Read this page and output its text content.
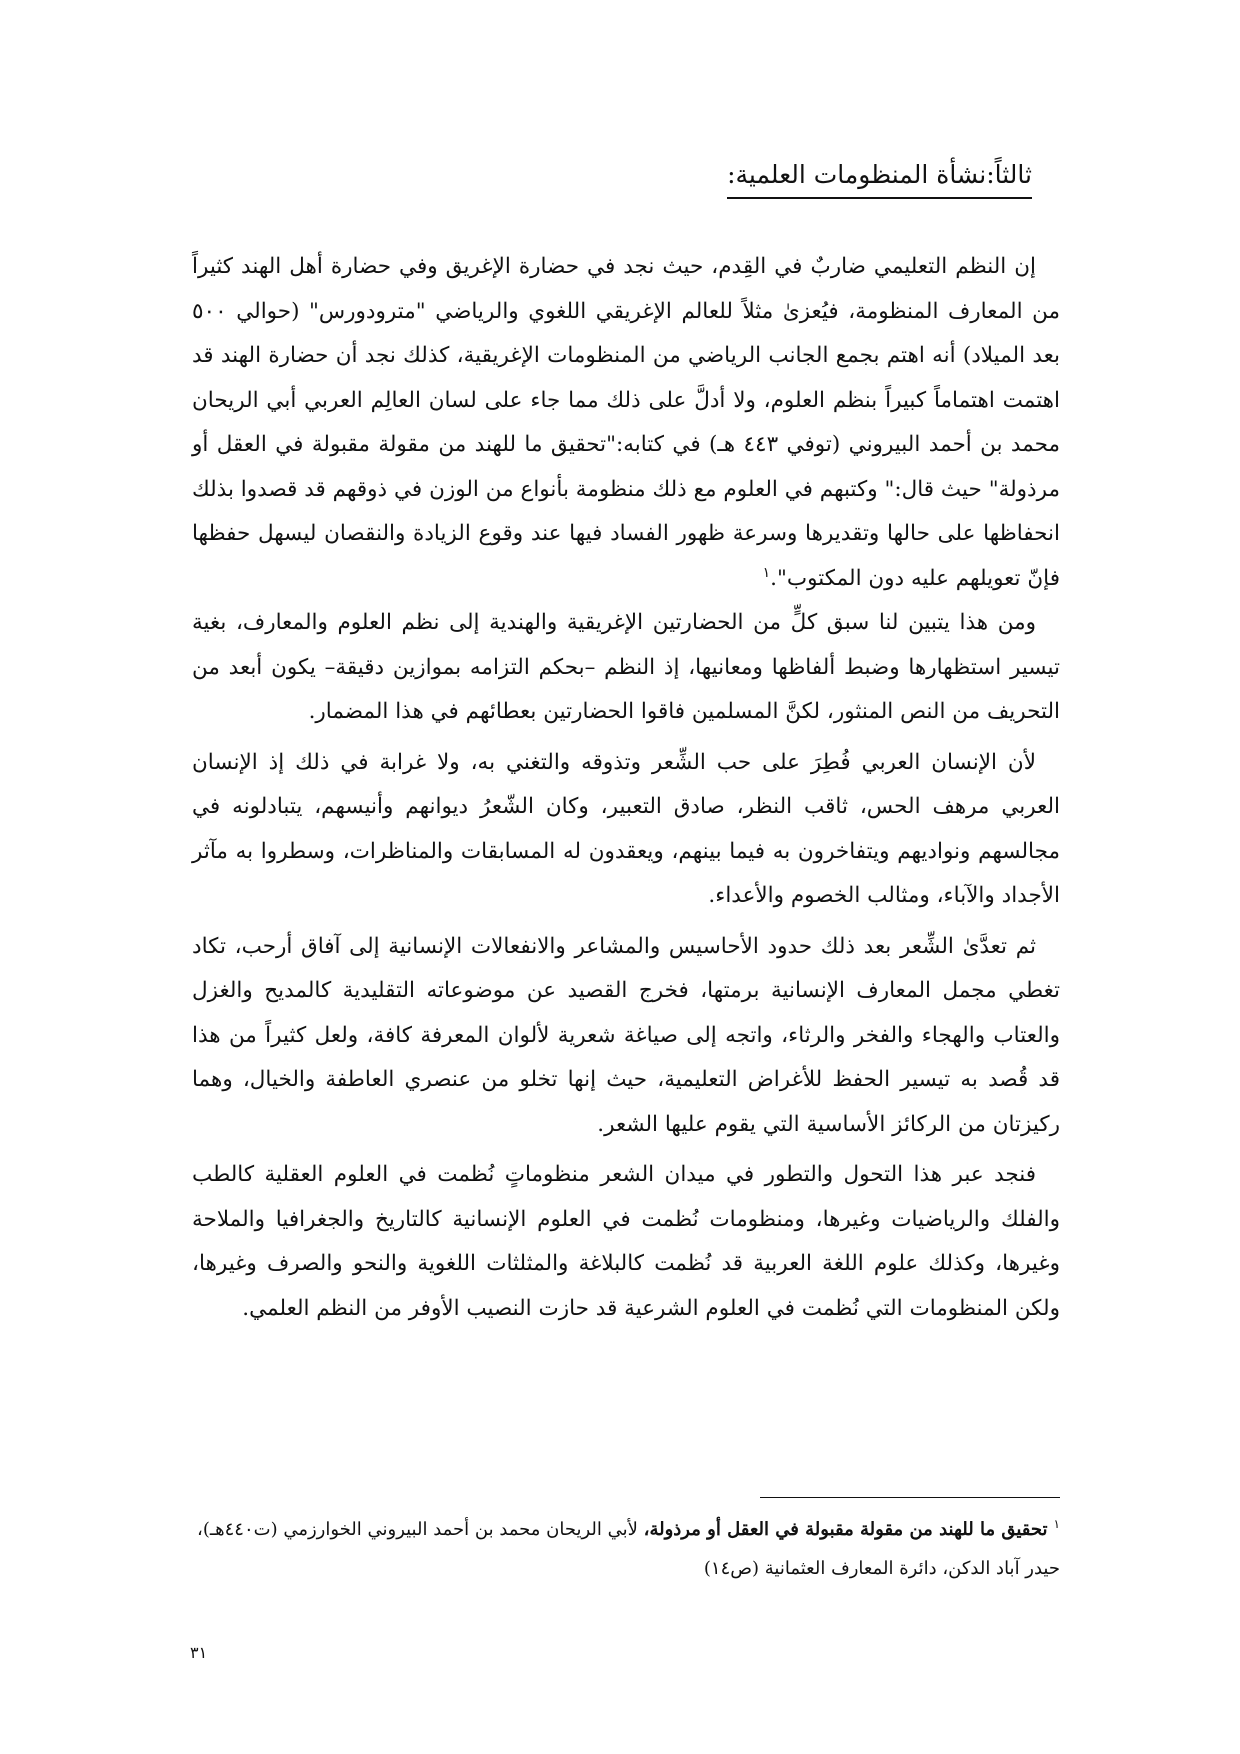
ثالثاً:نشأة المنظومات العلمية:

إن النظم التعليمي ضاربٌ في القِدم، حيث نجد في حضارة الإغريق وفي حضارة أهل الهند كثيراً من المعارف المنظومة، فيُعزىٰ مثلاً للعالم الإغريقي اللغوي والرياضي "مترودورس" (حوالي ٥٠٠ بعد الميلاد) أنه اهتم بجمع الجانب الرياضي من المنظومات الإغريقية، كذلك نجد أن حضارة الهند قد اهتمت اهتماماً كبيراً بنظم العلوم، ولا أدلَّ على ذلك مما جاء على لسان العالِم العربي أبي الريحان محمد بن أحمد البيروني (توفي ٤٤٣ هـ) في كتابه:"تحقيق ما للهند من مقولة مقبولة في العقل أو مرذولة" حيث قال:" وكتبهم في العلوم مع ذلك منظومة بأنواع من الوزن في ذوقهم قد قصدوا بذلك انحفاظها على حالها وتقديرها وسرعة ظهور الفساد فيها عند وقوع الزيادة والنقصان ليسهل حفظها فإنّ تعويلهم عليه دون المكتوب".$^١$

ومن هذا يتبين لنا سبق كلٍّ من الحضارتين الإغريقية والهندية إلى نظم العلوم والمعارف، بغية تيسير استظهارها وضبط ألفاظها ومعانيها، إذ النظم –بحكم التزامه بموازين دقيقة– يكون أبعد من التحريف من النص المنثور، لكنَّ المسلمين فاقوا الحضارتين بعطائهم في هذا المضمار.

لأن الإنسان العربي فُطِرَ على حب الشِّعر وتذوقه والتغني به، ولا غرابة في ذلك إذ الإنسان العربي مرهف الحس، ثاقب النظر، صادق التعبير، وكان الشّعرُ ديوانهم وأنيسهم، يتبادلونه في مجالسهم ونواديهم ويتفاخرون به فيما بينهم، ويعقدون له المسابقات والمناظرات، وسطروا به مآثر الأجداد والآباء، ومثالب الخصوم والأعداء.

ثم تعدَّىٰ الشِّعر بعد ذلك حدود الأحاسيس والمشاعر والانفعالات الإنسانية إلى آفاق أرحب، تكاد تغطي مجمل المعارف الإنسانية برمتها، فخرج القصيد عن موضوعاته التقليدية كالمديح والغزل والعتاب والهجاء والفخر والرثاء، واتجه إلى صياغة شعرية لألوان المعرفة كافة، ولعل كثيراً من هذا قد قُصد به تيسير الحفظ للأغراض التعليمية، حيث إنها تخلو من عنصري العاطفة والخيال، وهما ركيزتان من الركائز الأساسية التي يقوم عليها الشعر.

فنجد عبر هذا التحول والتطور في ميدان الشعر منظوماتٍ نُظمت في العلوم العقلية كالطب والفلك والرياضيات وغيرها، ومنظومات نُظمت في العلوم الإنسانية كالتاريخ والجغرافيا والملاحة وغيرها، وكذلك علوم اللغة العربية قد نُظمت كالبلاغة والمثلثات اللغوية والنحو والصرف وغيرها، ولكن المنظومات التي نُظمت في العلوم الشرعية قد حازت النصيب الأوفر من النظم العلمي.

$^١$تحقيق ما للهند من مقولة مقبولة في العقل أو مرذولة، لأبي الريحان محمد بن أحمد البيروني الخوارزمي (ت٤٤٠هـ)، حيدر آباد الدكن، دائرة المعارف العثمانية (ص١٤)
٣١
